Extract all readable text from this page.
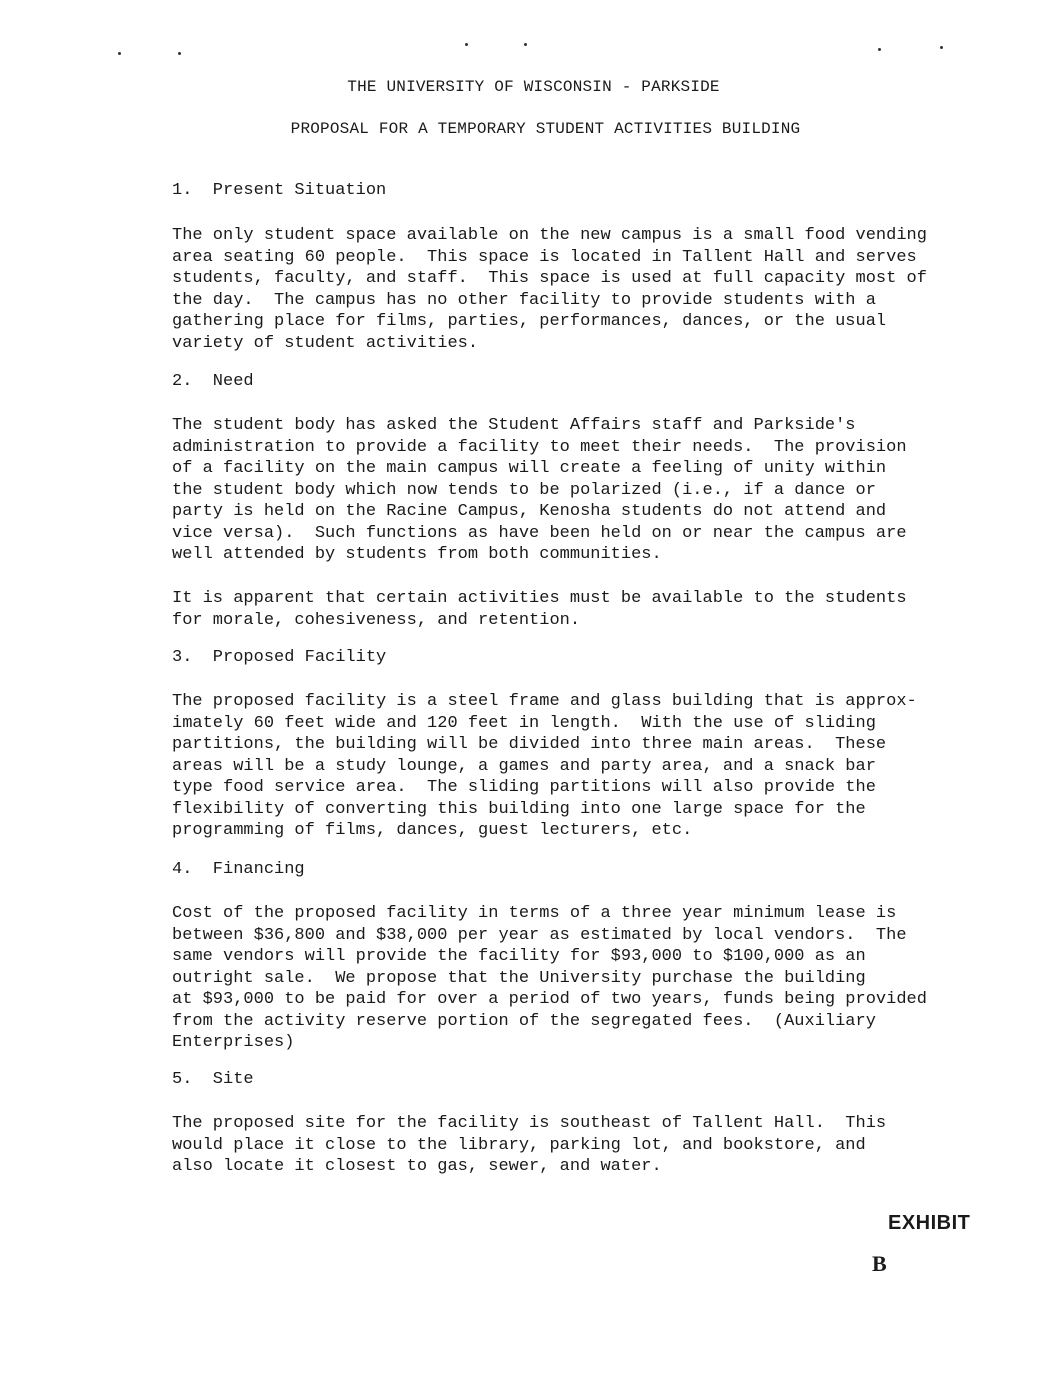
THE UNIVERSITY OF WISCONSIN - PARKSIDE
PROPOSAL FOR A TEMPORARY STUDENT ACTIVITIES BUILDING
1.  Present Situation
The only student space available on the new campus is a small food vending
area seating 60 people.  This space is located in Tallent Hall and serves
students, faculty, and staff.  This space is used at full capacity most of
the day.  The campus has no other facility to provide students with a
gathering place for films, parties, performances, dances, or the usual
variety of student activities.
2.  Need
The student body has asked the Student Affairs staff and Parkside's
administration to provide a facility to meet their needs.  The provision
of a facility on the main campus will create a feeling of unity within
the student body which now tends to be polarized (i.e., if a dance or
party is held on the Racine Campus, Kenosha students do not attend and
vice versa).  Such functions as have been held on or near the campus are
well attended by students from both communities.
It is apparent that certain activities must be available to the students
for morale, cohesiveness, and retention.
3.  Proposed Facility
The proposed facility is a steel frame and glass building that is approx-
imately 60 feet wide and 120 feet in length.  With the use of sliding
partitions, the building will be divided into three main areas.  These
areas will be a study lounge, a games and party area, and a snack bar
type food service area.  The sliding partitions will also provide the
flexibility of converting this building into one large space for the
programming of films, dances, guest lecturers, etc.
4.  Financing
Cost of the proposed facility in terms of a three year minimum lease is
between $36,800 and $38,000 per year as estimated by local vendors.  The
same vendors will provide the facility for $93,000 to $100,000 as an
outright sale.  We propose that the University purchase the building
at $93,000 to be paid for over a period of two years, funds being provided
from the activity reserve portion of the segregated fees.  (Auxiliary
Enterprises)
5.  Site
The proposed site for the facility is southeast of Tallent Hall.  This
would place it close to the library, parking lot, and bookstore, and
also locate it closest to gas, sewer, and water.
EXHIBIT
B
